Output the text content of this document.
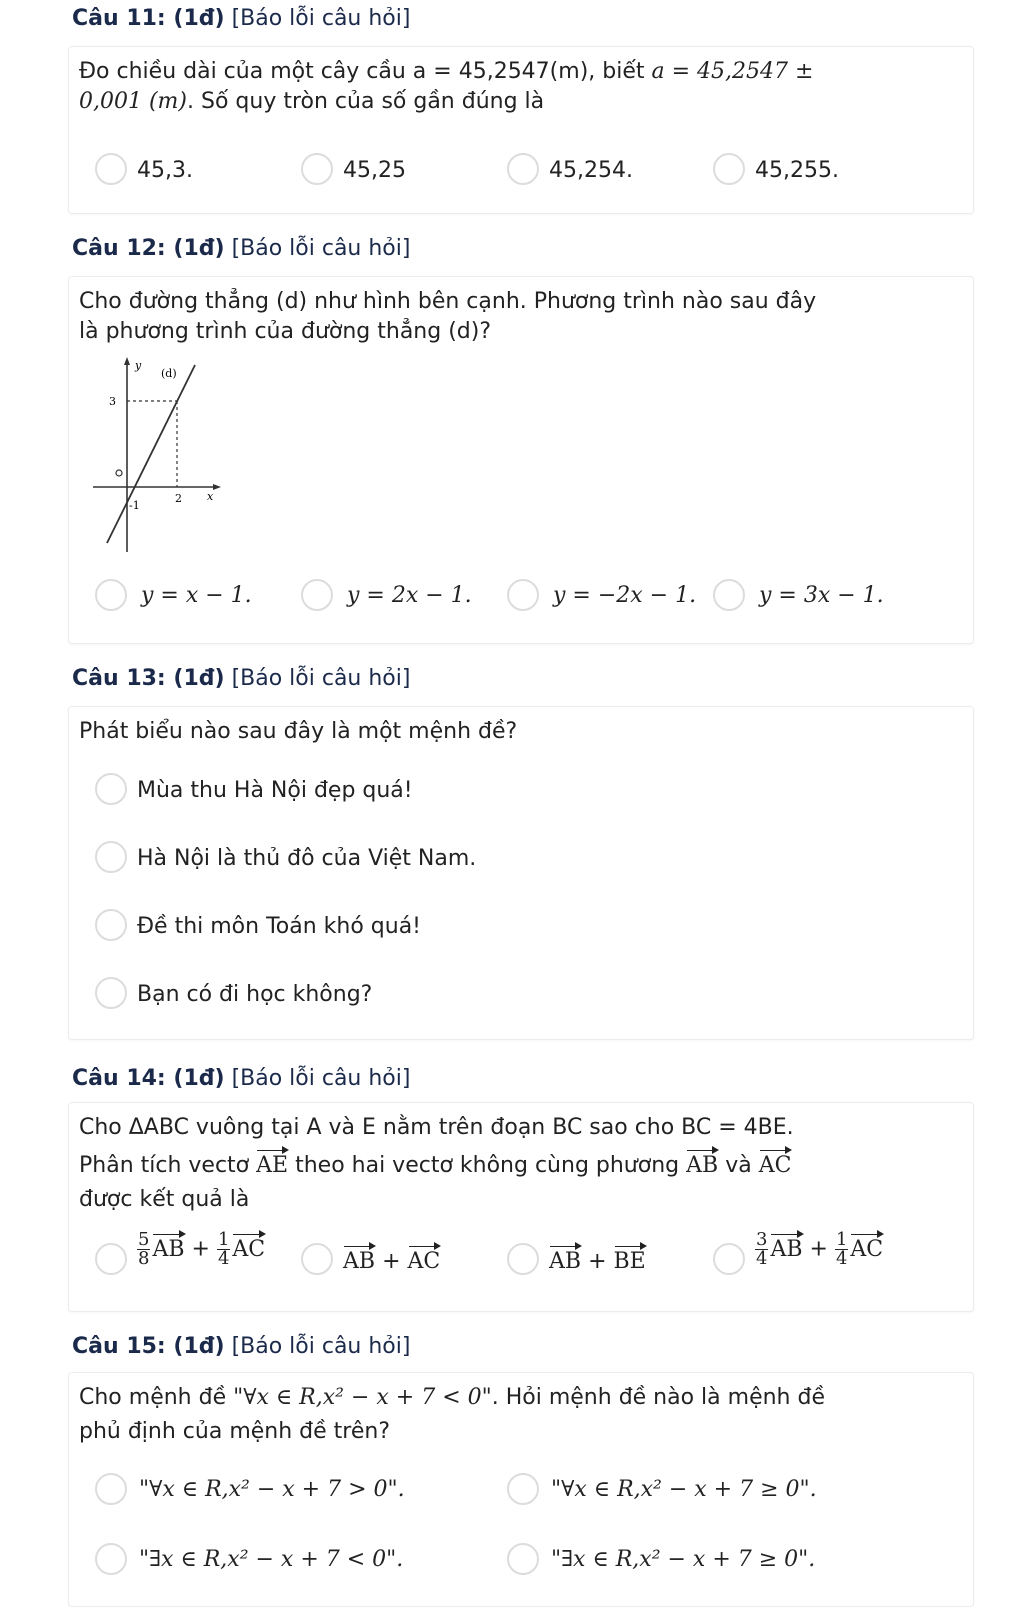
Câu 11: (1đ) [Báo lỗi câu hỏi]
Đo chiều dài của một cây cầu a = 45,2547(m), biết a = 45,2547 ±
0,001 (m). Số quy tròn của số gần đúng là
45,3.	45,25	45,254.	45,255.
Câu 12: (1đ) [Báo lỗi câu hỏi]
Cho đường thẳng (d) như hình bên cạnh. Phương trình nào sau đây
là phương trình của đường thẳng (d)?
y
(d)
3
2 x
-1
y = x − 1.	y = 2x − 1.	y = −2x − 1.	y = 3x − 1.
Câu 13: (1đ) [Báo lỗi câu hỏi]
Phát biểu nào sau đây là một mệnh đề?
Mùa thu Hà Nội đẹp quá!
Hà Nội là thủ đô của Việt Nam.
Đề thi môn Toán khó quá!
Bạn có đi học không?
Câu 14: (1đ) [Báo lỗi câu hỏi]
Cho ΔABC vuông tại A và E nằm trên đoạn BC sao cho BC = 4BE.
Phân tích vectơ AE theo hai vectơ không cùng phương AB và AC
được kết quả là
$\frac{5}{8}$ AB + $\frac{1}{4}$ AC	AB + AC	AB + BE	$\frac{3}{4}$ AB + $\frac{1}{4}$ AC
Câu 15: (1đ) [Báo lỗi câu hỏi]
Cho mệnh đề "∀x ∈ R,x² − x + 7 < 0". Hỏi mệnh đề nào là mệnh đề
phủ định của mệnh đề trên?
"∀x ∈ R,x² − x + 7 > 0".	"∀x ∈ R,x² − x + 7 ≥ 0".
"∃x ∈ R,x² − x + 7 < 0".	"∃x ∈ R,x² − x + 7 ≥ 0".
